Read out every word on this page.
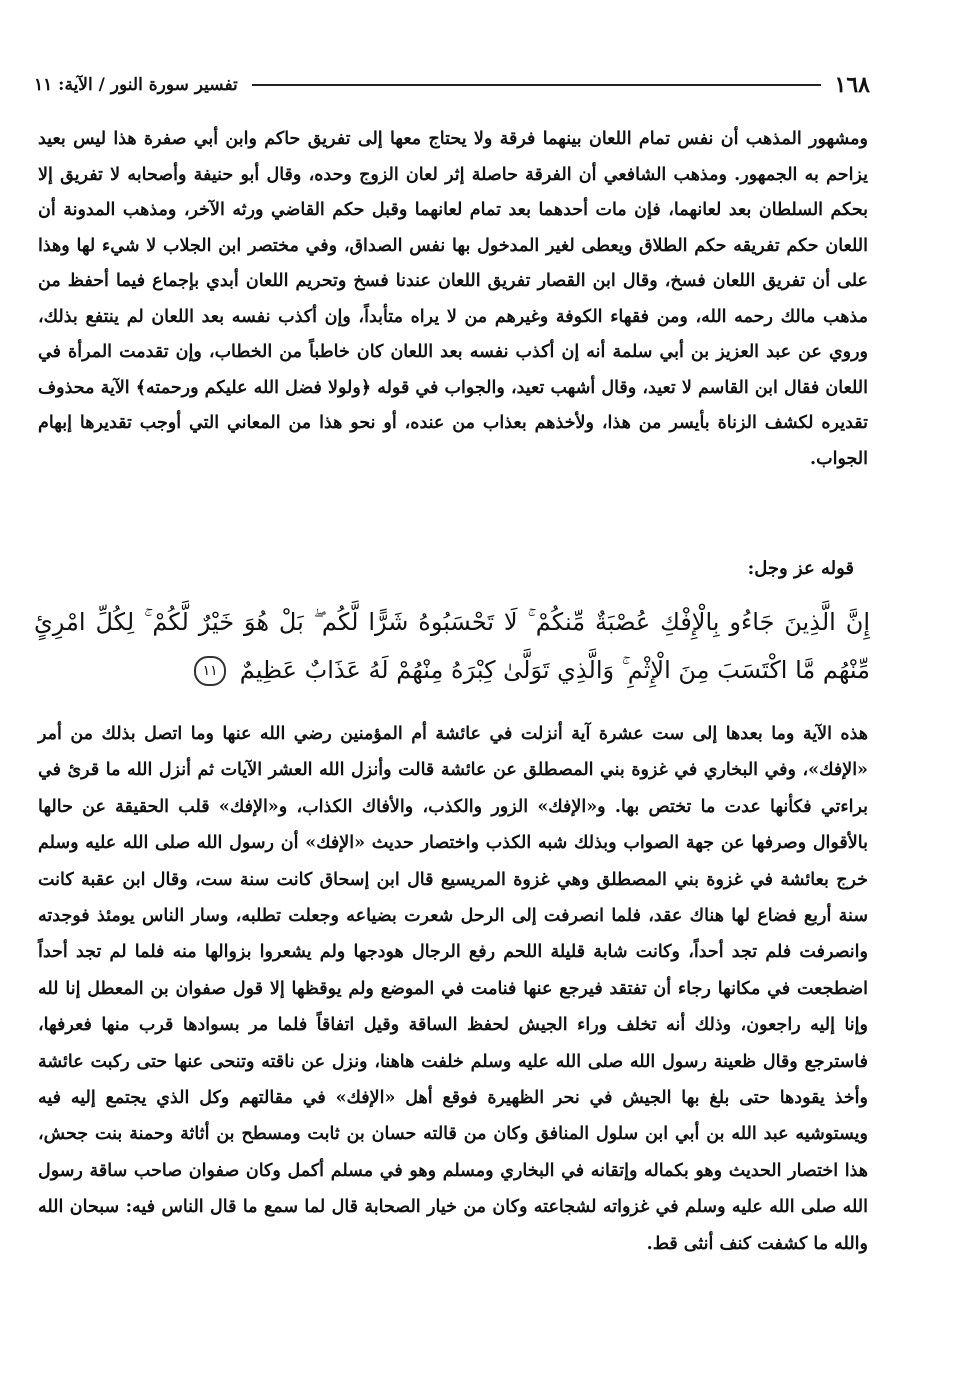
١٦٨
تفسير سورة النور / الآية: ١١

ومشهور المذهب أن نفس تمام اللعان بينهما فرقة ولا يحتاج معها إلى تفريق حاكم وابن أبي صفرة هذا ليس بعيد يزاحم به الجمهور. ومذهب الشافعي أن الفرقة حاصلة إثر لعان الزوج وحده، وقال أبو حنيفة وأصحابه لا تفريق إلا بحكم السلطان بعد لعانهما، فإن مات أحدهما بعد تمام لعانهما وقبل حكم القاضي ورثه الآخر، ومذهب المدونة أن اللعان حكم تفريقه حكم الطلاق ويعطى لغير المدخول بها نفس الصداق، وفي مختصر ابن الجلاب لا شيء لها وهذا على أن تفريق اللعان فسخ، وقال ابن القصار تفريق اللعان عندنا فسخ وتحريم اللعان أبدي بإجماع فيما أحفظ من مذهب مالك رحمه الله، ومن فقهاء الكوفة وغيرهم من لا يراه متأبداً، وإن أكذب نفسه بعد اللعان لم ينتفع بذلك، وروي عن عبد العزيز بن أبي سلمة أنه إن أكذب نفسه بعد اللعان كان خاطباً من الخطاب، وإن تقدمت المرأة في اللعان فقال ابن القاسم لا تعيد، وقال أشهب تعيد، والجواب في قوله ﴿ولولا فضل الله عليكم ورحمته﴾ الآية محذوف تقديره لكشف الزناة بأيسر من هذا، ولأخذهم بعذاب من عنده، أو نحو هذا من المعاني التي أوجب تقديرها إبهام الجواب.

قوله عز وجل:
إِنَّ الَّذِينَ جَاءُو بِالْإِفْكِ عُصْبَةٌ مِّنكُمْ ۚ لَا تَحْسَبُوهُ شَرًّا لَّكُم ۖ بَلْ هُوَ خَيْرٌ لَّكُمْ ۚ لِكُلِّ امْرِئٍ مِّنْهُم مَّا اكْتَسَبَ مِنَ الْإِثْمِ ۚ وَالَّذِي تَوَلَّىٰ كِبْرَهُ مِنْهُمْ لَهُ عَذَابٌ عَظِيمٌ ١١

هذه الآية وما بعدها إلى ست عشرة آية أنزلت في عائشة أم المؤمنين رضي الله عنها وما اتصل بذلك من أمر «الإفك»، وفي البخاري في غزوة بني المصطلق عن عائشة قالت وأنزل الله العشر الآيات ثم أنزل الله ما قرئ في براءتي فكأنها عدت ما تختص بها. و«الإفك» الزور والكذب، والأفاك الكذاب، و«الإفك» قلب الحقيقة عن حالها بالأقوال وصرفها عن جهة الصواب وبذلك شبه الكذب واختصار حديث «الإفك» أن رسول الله صلى الله عليه وسلم خرج بعائشة في غزوة بني المصطلق وهي غزوة المريسيع قال ابن إسحاق كانت سنة ست، وقال ابن عقبة كانت سنة أربع فضاع لها هناك عقد، فلما انصرفت إلى الرحل شعرت بضياعه وجعلت تطلبه، وسار الناس يومئذ فوجدته وانصرفت فلم تجد أحداً، وكانت شابة قليلة اللحم رفع الرجال هودجها ولم يشعروا بزوالها منه فلما لم تجد أحداً اضطجعت في مكانها رجاء أن تفتقد فيرجع عنها فنامت في الموضع ولم يوقظها إلا قول صفوان بن المعطل إنا لله وإنا إليه راجعون، وذلك أنه تخلف وراء الجيش لحفظ الساقة وقيل اتفاقاً فلما مر بسوادها قرب منها فعرفها، فاسترجع وقال ظعينة رسول الله صلى الله عليه وسلم خلفت هاهنا، ونزل عن ناقته وتنحى عنها حتى ركبت عائشة وأخذ يقودها حتى بلغ بها الجيش في نحر الظهيرة فوقع أهل «الإفك» في مقالتهم وكل الذي يجتمع إليه فيه ويستوشيه عبد الله بن أبي ابن سلول المنافق وكان من قالته حسان بن ثابت ومسطح بن أثاثة وحمنة بنت جحش، هذا اختصار الحديث وهو بكماله وإتقانه في البخاري ومسلم وهو في مسلم أكمل وكان صفوان صاحب ساقة رسول الله صلى الله عليه وسلم في غزواته لشجاعته وكان من خيار الصحابة قال لما سمع ما قال الناس فيه: سبحان الله والله ما كشفت كنف أنثى قط.
